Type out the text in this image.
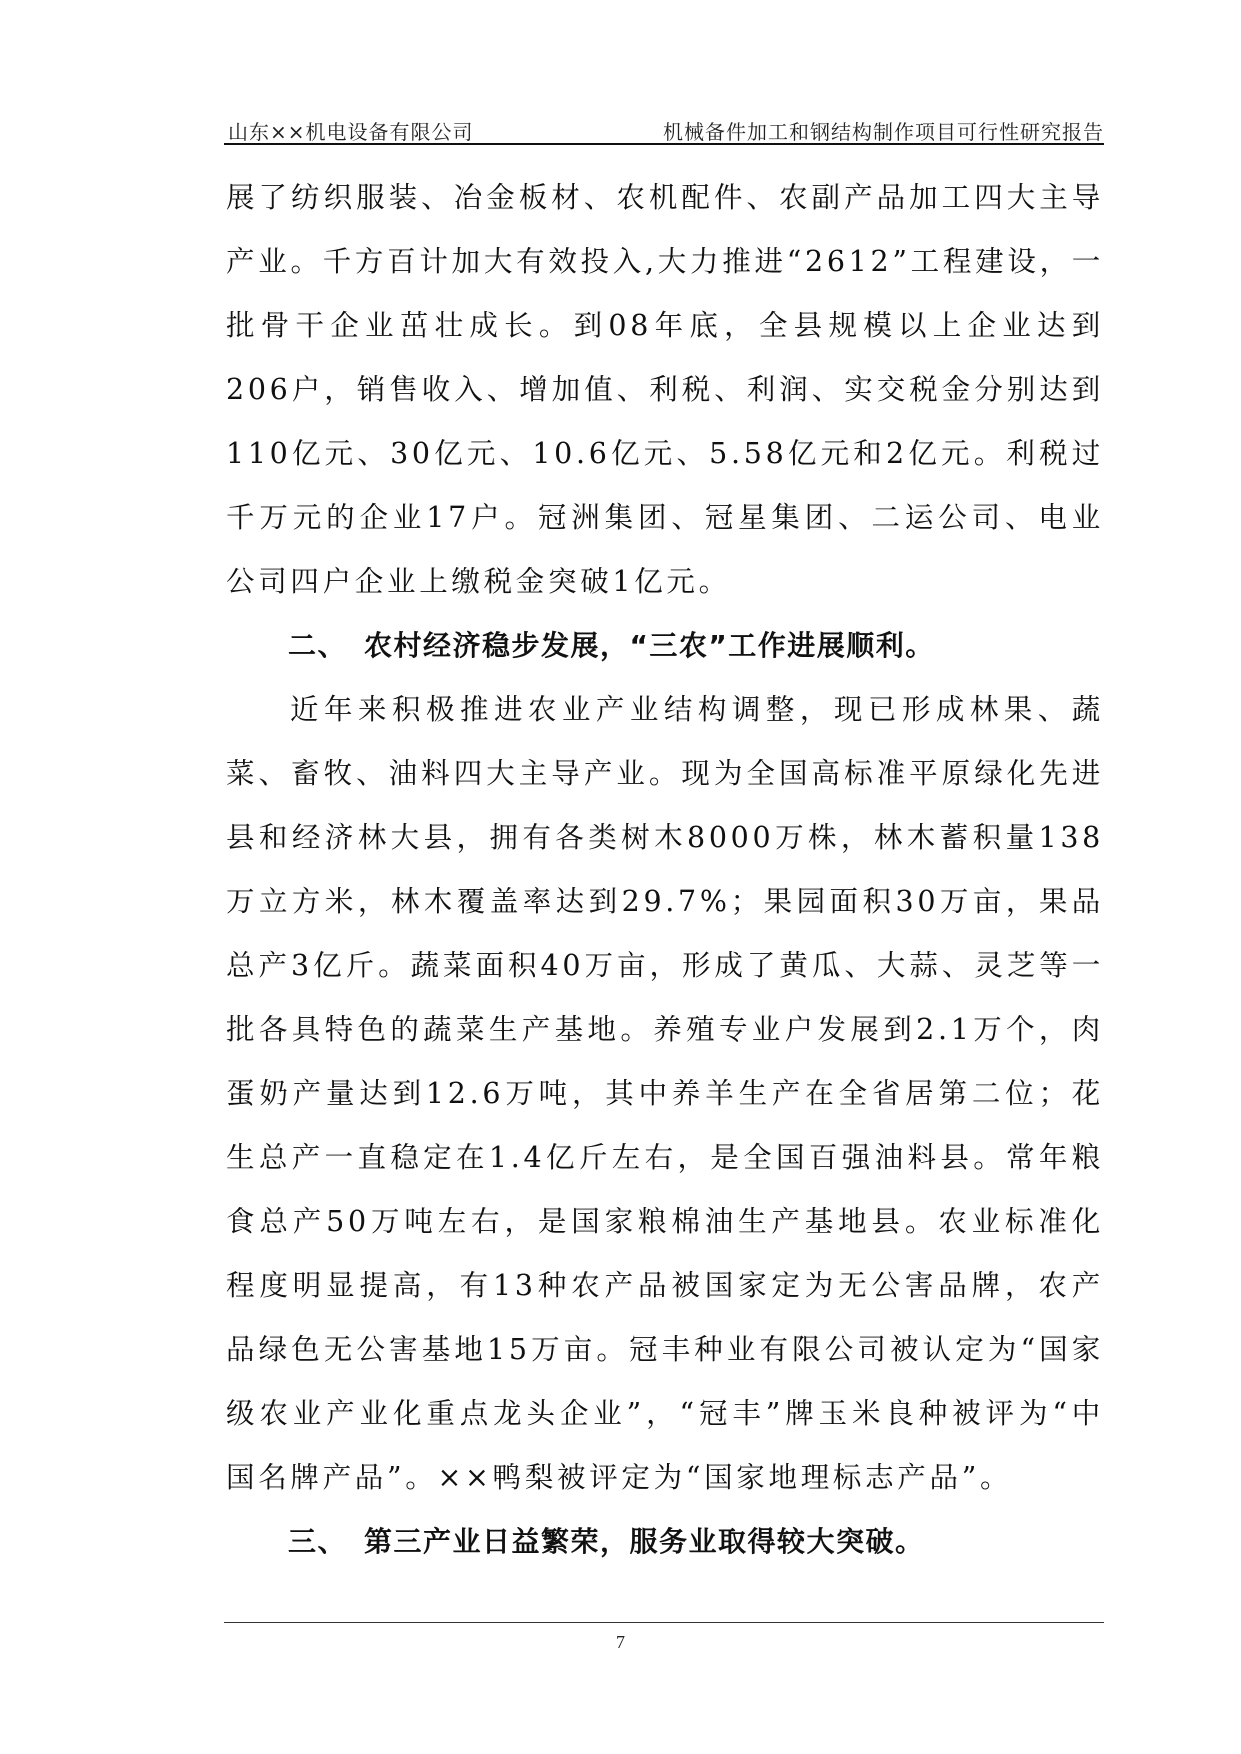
山东××机电设备有限公司	机械备件加工和钢结构制作项目可行性研究报告

展了纺织服装、冶金板材、农机配件、农副产品加工四大主导产业。千方百计加大有效投入,大力推进“2612”工程建设，一批骨干企业茁壮成长。到08年底，全县规模以上企业达到206户，销售收入、增加值、利税、利润、实交税金分别达到110亿元、30亿元、10.6亿元、5.58亿元和2亿元。利税过千万元的企业17户。冠洲集团、冠星集团、二运公司、电业公司四户企业上缴税金突破1亿元。

二、 农村经济稳步发展，“三农”工作进展顺利。

近年来积极推进农业产业结构调整，现已形成林果、蔬菜、畜牧、油料四大主导产业。现为全国高标准平原绿化先进县和经济林大县，拥有各类树木8000万株，林木蓄积量138万立方米，林木覆盖率达到29.7%；果园面积30万亩，果品总产3亿斤。蔬菜面积40万亩，形成了黄瓜、大蒜、灵芝等一批各具特色的蔬菜生产基地。养殖专业户发展到2.1万个，肉蛋奶产量达到12.6万吨，其中养羊生产在全省居第二位；花生总产一直稳定在1.4亿斤左右，是全国百强油料县。常年粮食总产50万吨左右，是国家粮棉油生产基地县。农业标准化程度明显提高，有13种农产品被国家定为无公害品牌，农产品绿色无公害基地15万亩。冠丰种业有限公司被认定为“国家级农业产业化重点龙头企业”，“冠丰”牌玉米良种被评为“中国名牌产品”。××鸭梨被评定为“国家地理标志产品”。

三、 第三产业日益繁荣，服务业取得较大突破。
7
